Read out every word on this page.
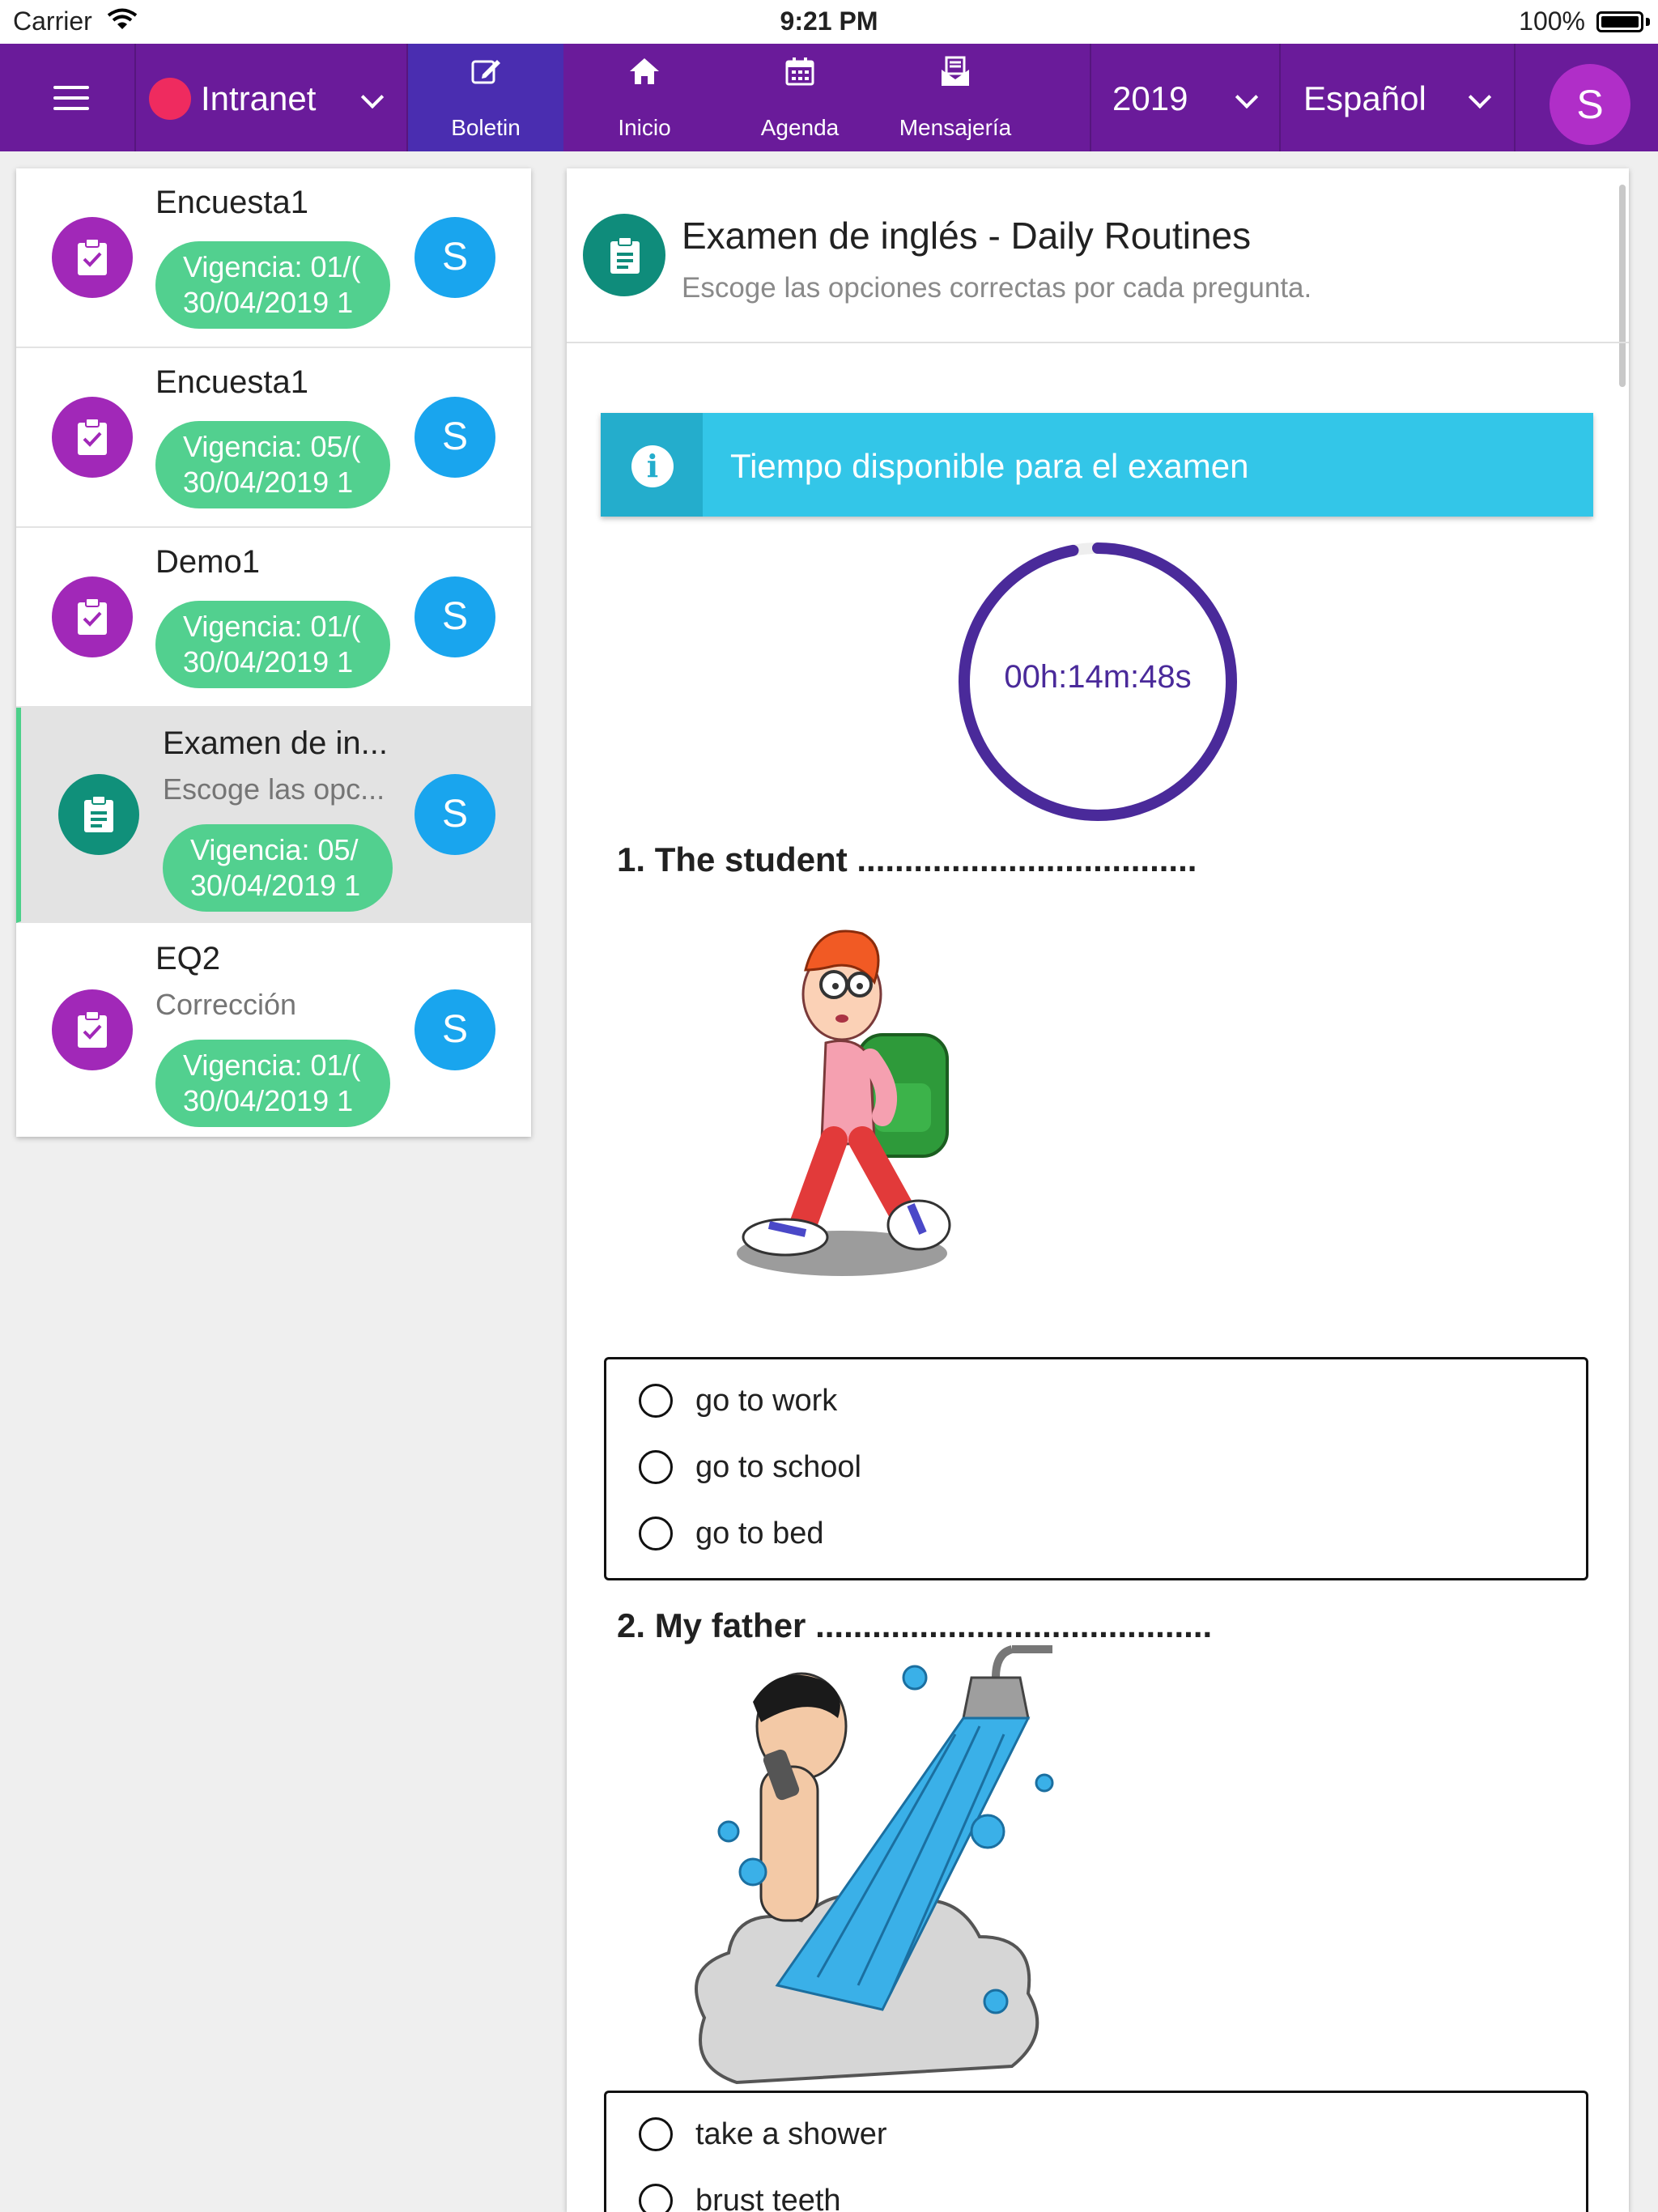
Carrier	9:21 PM	100%
Intranet
Boletin	Inicio	Agenda	Mensajería
2019	Español	S
Encuesta1
Vigencia: 01/(
30/04/2019 1
S
Encuesta1
Vigencia: 05/(
30/04/2019 1
S
Demo1
Vigencia: 01/(
30/04/2019 1
S
Examen de in...
Escoge las opc...
Vigencia: 05/
30/04/2019 1
S
EQ2
Corrección
Vigencia: 01/(
30/04/2019 1
S
Examen de inglés - Daily Routines
Escoge las opciones correctas por cada pregunta.
i	Tiempo disponible para el examen
00h:14m:48s
1. The student ....................................
go to work
go to school
go to bed
2. My father ..........................................
take a shower
brust teeth
